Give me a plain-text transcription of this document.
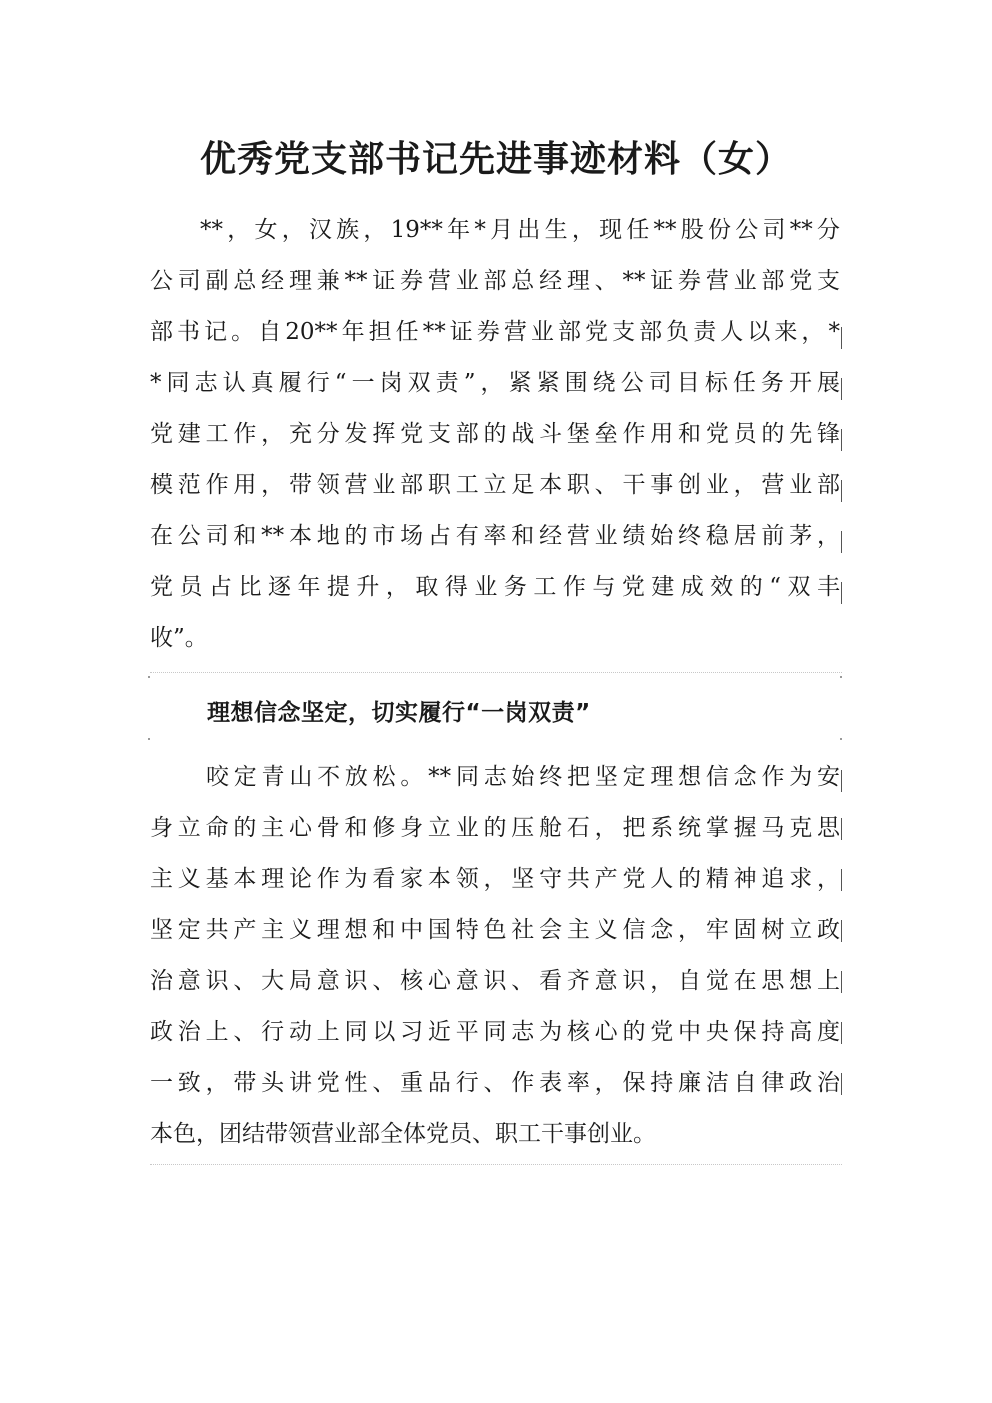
优秀党支部书记先进事迹材料（女）
**，女，汉族，19**年*月出生，现任**股份公司**分
公司副总经理兼**证券营业部总经理、**证券营业部党支
部书记。自20**年担任**证券营业部党支部负责人以来，*
*同志认真履行“一岗双责”，紧紧围绕公司目标任务开展
党建工作，充分发挥党支部的战斗堡垒作用和党员的先锋
模范作用，带领营业部职工立足本职、干事创业，营业部
在公司和**本地的市场占有率和经营业绩始终稳居前茅，
党员占比逐年提升，取得业务工作与党建成效的“双丰
收”。
理想信念坚定，切实履行“一岗双责”
咬定青山不放松。**同志始终把坚定理想信念作为安
身立命的主心骨和修身立业的压舱石，把系统掌握马克思
主义基本理论作为看家本领，坚守共产党人的精神追求，
坚定共产主义理想和中国特色社会主义信念，牢固树立政
治意识、大局意识、核心意识、看齐意识，自觉在思想上
政治上、行动上同以习近平同志为核心的党中央保持高度
一致，带头讲党性、重品行、作表率，保持廉洁自律政治
本色，团结带领营业部全体党员、职工干事创业。
